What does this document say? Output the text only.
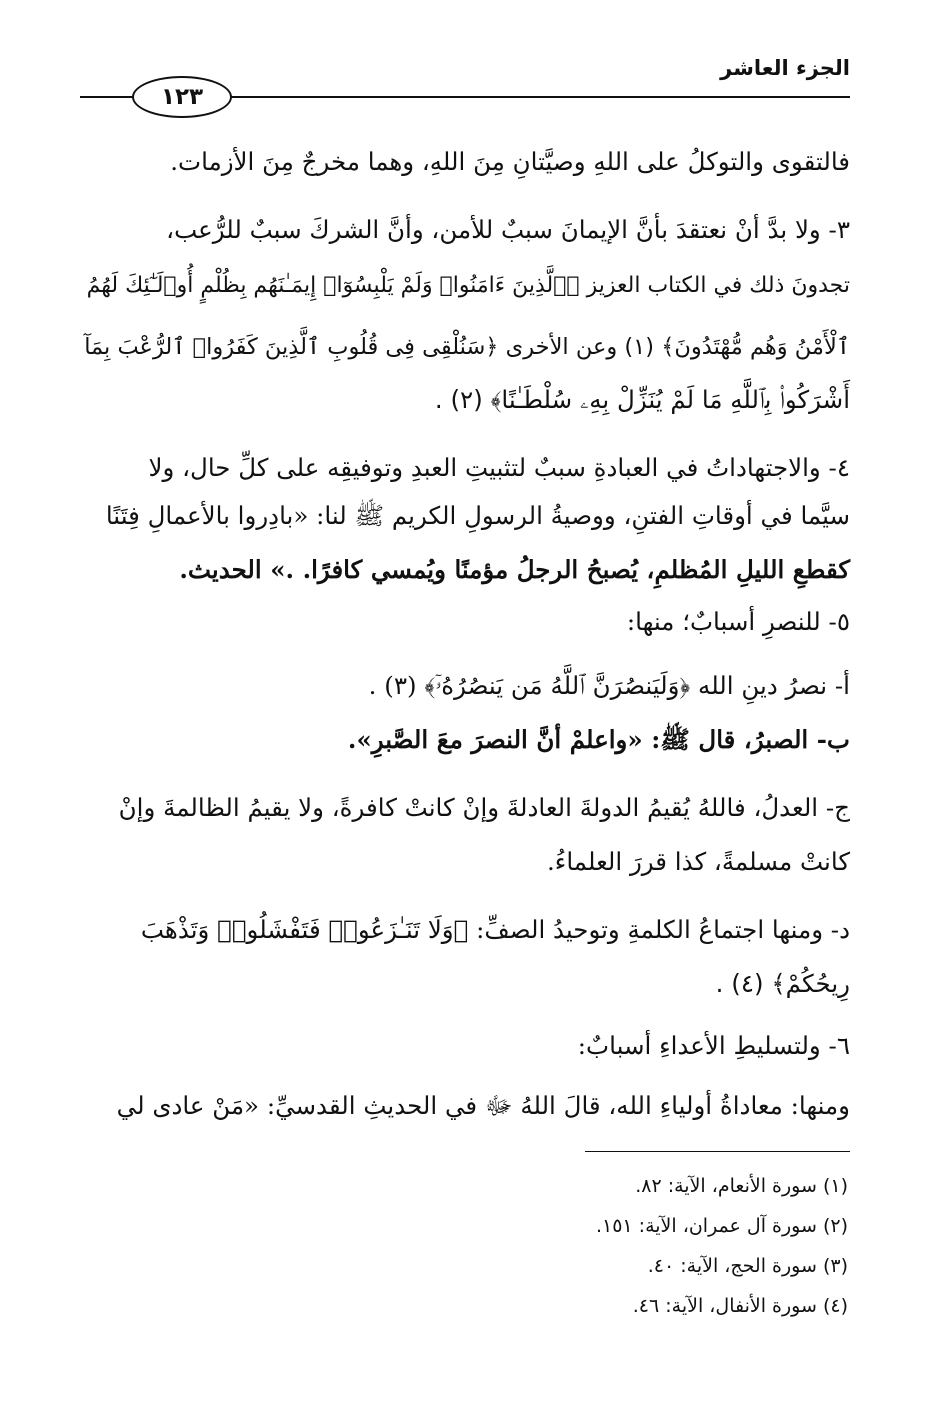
الجزء العاشر
١٢٣
فالتقوى والتوكلُ على اللهِ وصيَّتانِ مِنَ اللهِ، وهما مخرجٌ مِنَ الأزمات.
٣- ولا بدَّ أنْ نعتقدَ بأنَّ الإيمانَ سببٌ للأمن، وأنَّ الشركَ سببٌ للرُّعب،
تجدونَ ذلك في الكتاب العزيز ﴿ٱلَّذِينَ ءَامَنُوا۟ وَلَمْ يَلْبِسُوٓا۟ إِيمَـٰنَهُم بِظُلْمٍ أُو۟لَـٰٓئِكَ لَهُمُ
ٱلْأَمْنُ وَهُم مُّهْتَدُونَ﴾ (١) وعن الأخرى ﴿سَنُلْقِى فِى قُلُوبِ ٱلَّذِينَ كَفَرُوا۟ ٱلرُّعْبَ بِمَآ
أَشْرَكُوا۟ بِٱللَّهِ مَا لَمْ يُنَزِّلْ بِهِۦ سُلْطَـٰنًا﴾ (٢) .
٤- والاجتهاداتُ في العبادةِ سببٌ لتثبيتِ العبدِ وتوفيقِه على كلِّ حال، ولا
سيَّما في أوقاتِ الفتنِ، ووصيةُ الرسولِ الكريم ﷺ لنا: «بادِروا بالأعمالِ فِتَنًا
كقطعِ الليلِ المُظلمِ، يُصبحُ الرجلُ مؤمنًا ويُمسي كافرًا. .» الحديث.
٥- للنصرِ أسبابٌ؛ منها:
أ- نصرُ دينِ الله ﴿وَلَيَنصُرَنَّ ٱللَّهُ مَن يَنصُرُهُۥٓ﴾ (٣) .
ب- الصبرُ، قال ﷺ: «واعلمْ أنَّ النصرَ معَ الصَّبرِ».
ج- العدلُ، فاللهُ يُقيمُ الدولةَ العادلةَ وإنْ كانتْ كافرةً، ولا يقيمُ الظالمةَ وإنْ
كانتْ مسلمةً، كذا قررَ العلماءُ.
د- ومنها اجتماعُ الكلمةِ وتوحيدُ الصفِّ: ﴿وَلَا تَنَـٰزَعُوا۟ فَتَفْشَلُوا۟ وَتَذْهَبَ
رِيحُكُمْ﴾ (٤) .
٦- ولتسليطِ الأعداءِ أسبابٌ:
ومنها: معاداةُ أولياءِ الله، قالَ اللهُ ﷻ في الحديثِ القدسيِّ: «مَنْ عادى لي
(١) سورة الأنعام، الآية: ٨٢.
(٢) سورة آل عمران، الآية: ١٥١.
(٣) سورة الحج، الآية: ٤٠.
(٤) سورة الأنفال، الآية: ٤٦.
